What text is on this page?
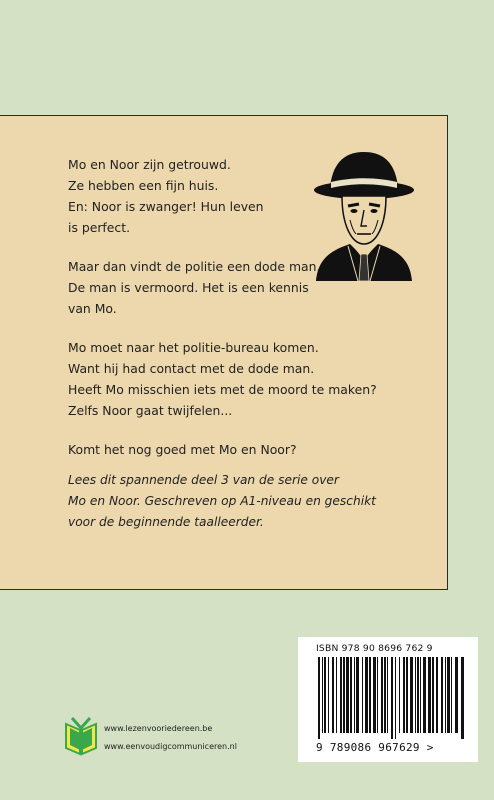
Mo en Noor zijn getrouwd.
Ze hebben een fijn huis.
En: Noor is zwanger! Hun leven
is perfect.

Maar dan vindt de politie een dode man.
De man is vermoord. Het is een kennis
van Mo.

Mo moet naar het politie-bureau komen.
Want hij had contact met de dode man.
Heeft Mo misschien iets met de moord te maken?
Zelfs Noor gaat twijfelen...

Komt het nog goed met Mo en Noor?

Lees dit spannende deel 3 van de serie over
Mo en Noor. Geschreven op A1-niveau en geschikt
voor de beginnende taalleerder.
ISBN 978 90 8696 762 9
9 789086 967629 >
www.lezenvooriedereen.be
www.eenvoudigcommuniceren.nl
